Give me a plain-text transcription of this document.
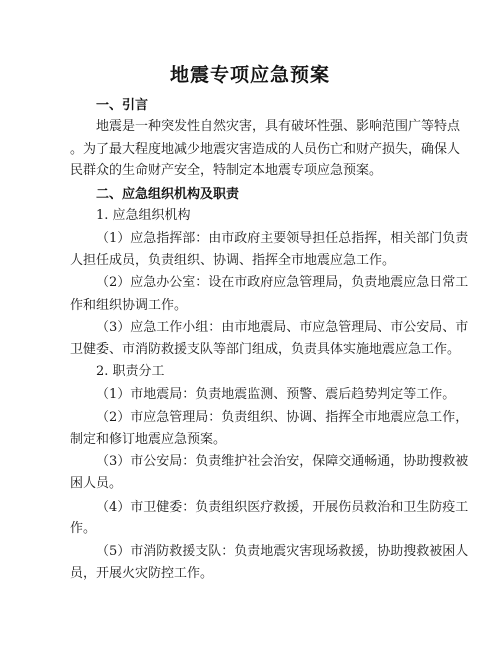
地震专项应急预案
一、引言
地震是一种突发性自然灾害，具有破坏性强、影响范围广等特点
。为了最大程度地减少地震灾害造成的人员伤亡和财产损失，确保人
民群众的生命财产安全，特制定本地震专项应急预案。
二、应急组织机构及职责
1. 应急组织机构
（1）应急指挥部：由市政府主要领导担任总指挥，相关部门负责
人担任成员，负责组织、协调、指挥全市地震应急工作。
（2）应急办公室：设在市政府应急管理局，负责地震应急日常工
作和组织协调工作。
（3）应急工作小组：由市地震局、市应急管理局、市公安局、市
卫健委、市消防救援支队等部门组成，负责具体实施地震应急工作。
2. 职责分工
（1）市地震局：负责地震监测、预警、震后趋势判定等工作。
（2）市应急管理局：负责组织、协调、指挥全市地震应急工作，
制定和修订地震应急预案。
（3）市公安局：负责维护社会治安，保障交通畅通，协助搜救被
困人员。
（4）市卫健委：负责组织医疗救援，开展伤员救治和卫生防疫工
作。
（5）市消防救援支队：负责地震灾害现场救援，协助搜救被困人
员，开展火灾防控工作。
